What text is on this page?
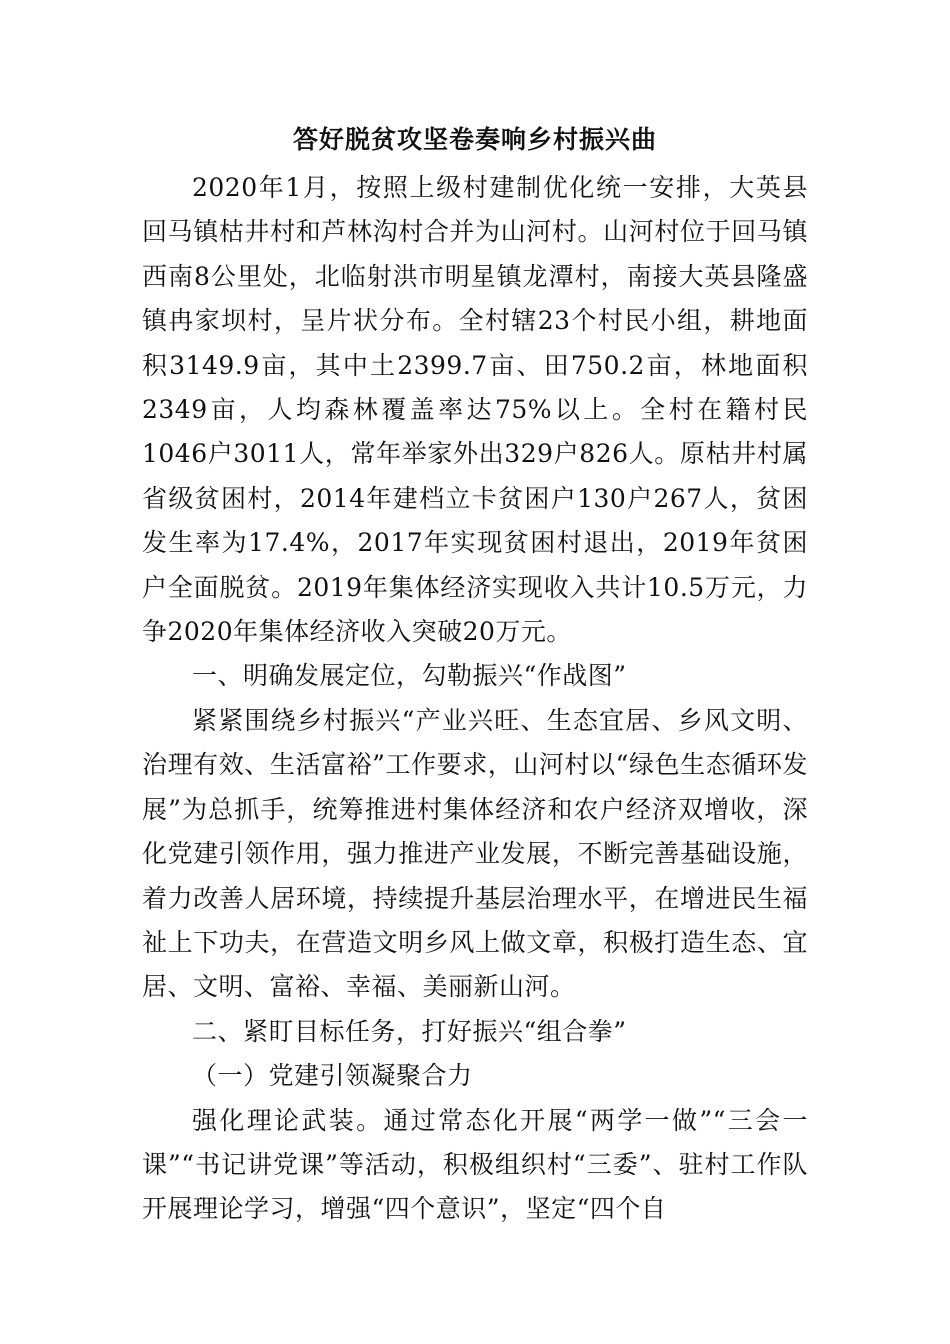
答好脱贫攻坚卷奏响乡村振兴曲

2020年1月，按照上级村建制优化统一安排，大英县回马镇枯井村和芦林沟村合并为山河村。山河村位于回马镇西南8公里处，北临射洪市明星镇龙潭村，南接大英县隆盛镇冉家坝村，呈片状分布。全村辖23个村民小组，耕地面积3149.9亩，其中土2399.7亩、田750.2亩，林地面积2349亩，人均森林覆盖率达75%以上。全村在籍村民1046户3011人，常年举家外出329户826人。原枯井村属省级贫困村，2014年建档立卡贫困户130户267人，贫困发生率为17.4%，2017年实现贫困村退出，2019年贫困户全面脱贫。2019年集体经济实现收入共计10.5万元，力争2020年集体经济收入突破20万元。

一、明确发展定位，勾勒振兴“作战图”

紧紧围绕乡村振兴“产业兴旺、生态宜居、乡风文明、治理有效、生活富裕”工作要求，山河村以“绿色生态循环发展”为总抓手，统筹推进村集体经济和农户经济双增收，深化党建引领作用，强力推进产业发展，不断完善基础设施，着力改善人居环境，持续提升基层治理水平，在增进民生福祉上下功夫，在营造文明乡风上做文章，积极打造生态、宜居、文明、富裕、幸福、美丽新山河。

二、紧盯目标任务，打好振兴“组合拳”

（一）党建引领凝聚合力

强化理论武装。通过常态化开展“两学一做”“三会一课”“书记讲党课”等活动，积极组织村“三委”、驻村工作队开展理论学习，增强“四个意识”，坚定“四个自
